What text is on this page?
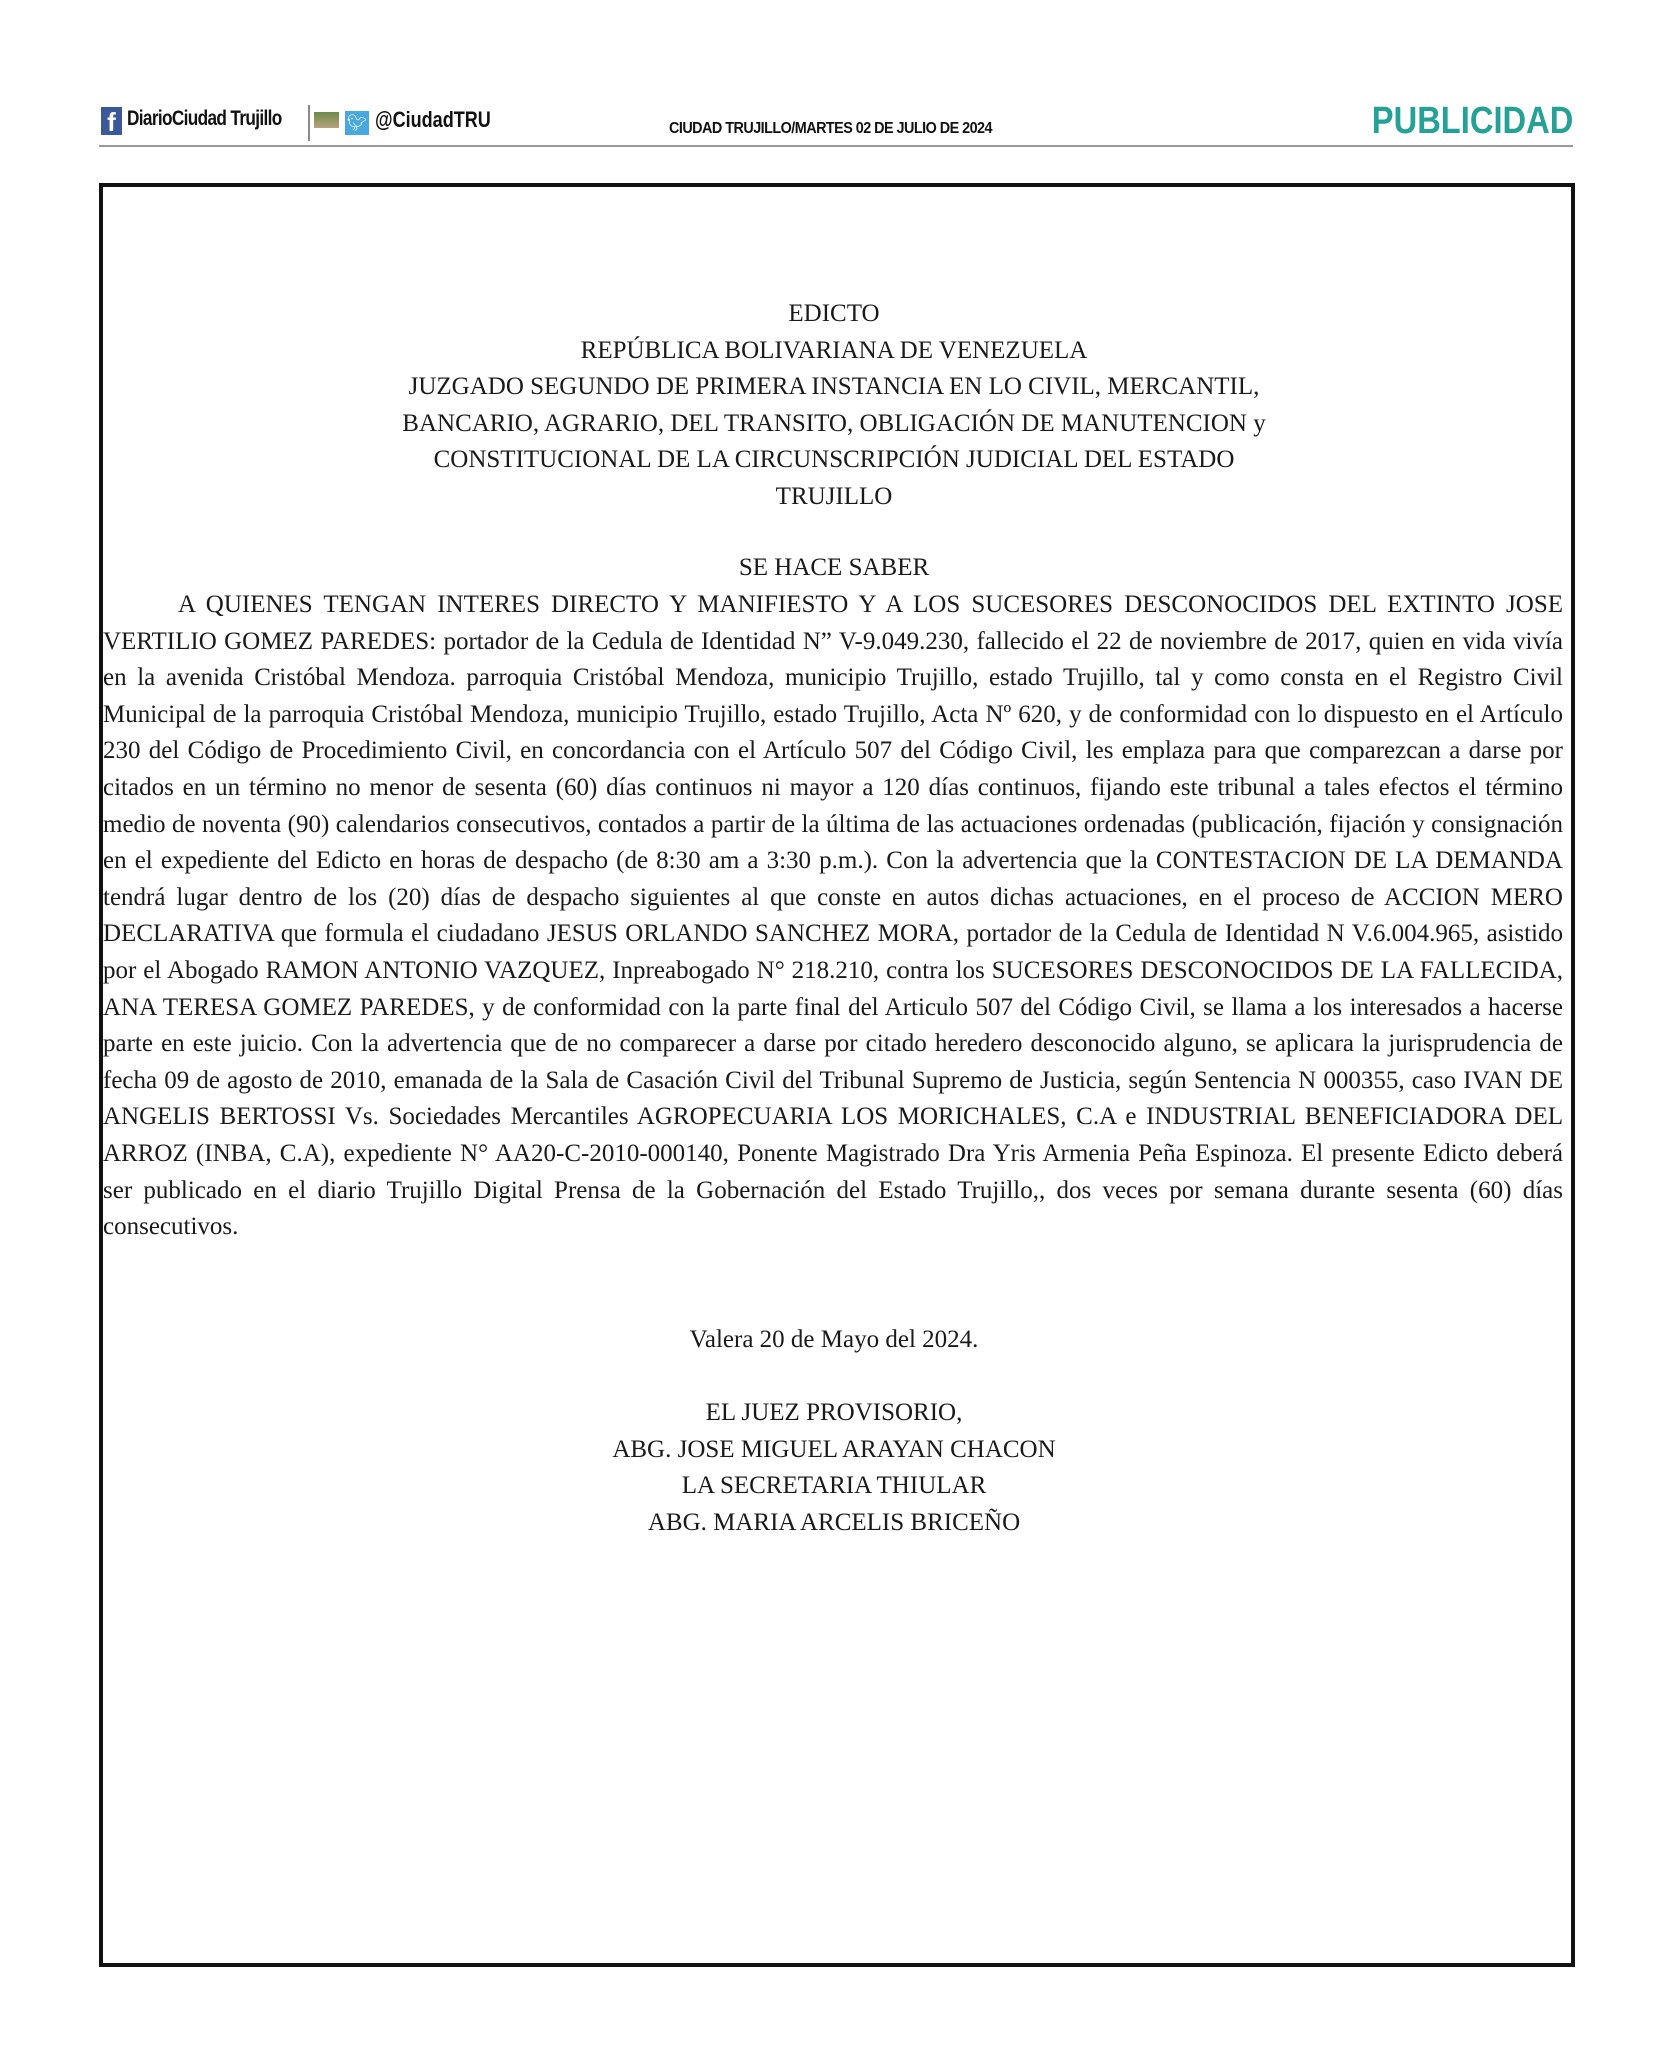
f DiarioCiudad Trujillo	🐦︎ @CiudadTRU	CIUDAD TRUJILLO/MARTES 02 DE JULIO DE 2024	PUBLICIDAD

EDICTO

REPÚBLICA BOLIVARIANA DE VENEZUELA

JUZGADO SEGUNDO DE PRIMERA INSTANCIA EN LO CIVIL, MERCANTIL,

BANCARIO, AGRARIO, DEL TRANSITO, OBLIGACIÓN DE MANUTENCION y

CONSTITUCIONAL DE LA CIRCUNSCRIPCIÓN JUDICIAL DEL ESTADO

TRUJILLO

SE HACE SABER

A QUIENES TENGAN INTERES DIRECTO Y MANIFIESTO Y A LOS SUCESORES DESCONOCIDOS DEL EXTINTO JOSE VERTILIO GOMEZ PAREDES: portador de la Cedula de Identidad N” V-9.049.230, fallecido el 22 de noviembre de 2017, quien en vida vivía en la avenida Cristóbal Mendoza. parroquia Cristóbal Mendoza, municipio Trujillo, estado Trujillo, tal y como consta en el Registro Civil Municipal de la parroquia Cristóbal Mendoza, municipio Trujillo, estado Trujillo, Acta Nº 620, y de conformidad con lo dispuesto en el Artículo 230 del Código de Procedimiento Civil, en concordancia con el Artículo 507 del Código Civil, les emplaza para que comparezcan a darse por citados en un término no menor de sesenta (60) días continuos ni mayor a 120 días continuos, fijando este tribunal a tales efectos el término medio de noventa (90) calendarios consecutivos, contados a partir de la última de las actuaciones ordenadas (publicación, fijación y consignación en el expediente del Edicto en horas de despacho (de 8:30 am a 3:30 p.m.). Con la advertencia que la CONTESTACION DE LA DEMANDA tendrá lugar dentro de los (20) días de despacho siguientes al que conste en autos dichas actuaciones, en el proceso de ACCION MERO DECLARATIVA que formula el ciudadano JESUS ORLANDO SANCHEZ MORA, portador de la Cedula de Identidad N V.6.004.965, asistido por el Abogado RAMON ANTONIO VAZQUEZ, Inpreabogado N° 218.210, contra los SUCESORES DESCONOCIDOS DE LA FALLECIDA, ANA TERESA GOMEZ PAREDES, y de conformidad con la parte final del Articulo 507 del Código Civil, se llama a los interesados a hacerse parte en este juicio. Con la advertencia que de no comparecer a darse por citado heredero desconocido alguno, se aplicara la jurisprudencia de fecha 09 de agosto de 2010, emanada de la Sala de Casación Civil del Tribunal Supremo de Justicia, según Sentencia N 000355, caso IVAN DE ANGELIS BERTOSSI Vs. Sociedades Mercantiles AGROPECUARIA LOS MORICHALES, C.A e INDUSTRIAL BENEFICIADORA DEL ARROZ (INBA, C.A), expediente N° AA20-C-2010-000140, Ponente Magistrado Dra Yris Armenia Peña Espinoza. El presente Edicto deberá ser publicado en el diario Trujillo Digital Prensa de la Gobernación del Estado Trujillo,, dos veces por semana durante sesenta (60) días consecutivos.

Valera 20 de Mayo del 2024.

EL JUEZ PROVISORIO,

ABG. JOSE MIGUEL ARAYAN CHACON

LA SECRETARIA THIULAR

ABG. MARIA ARCELIS BRICEÑO
